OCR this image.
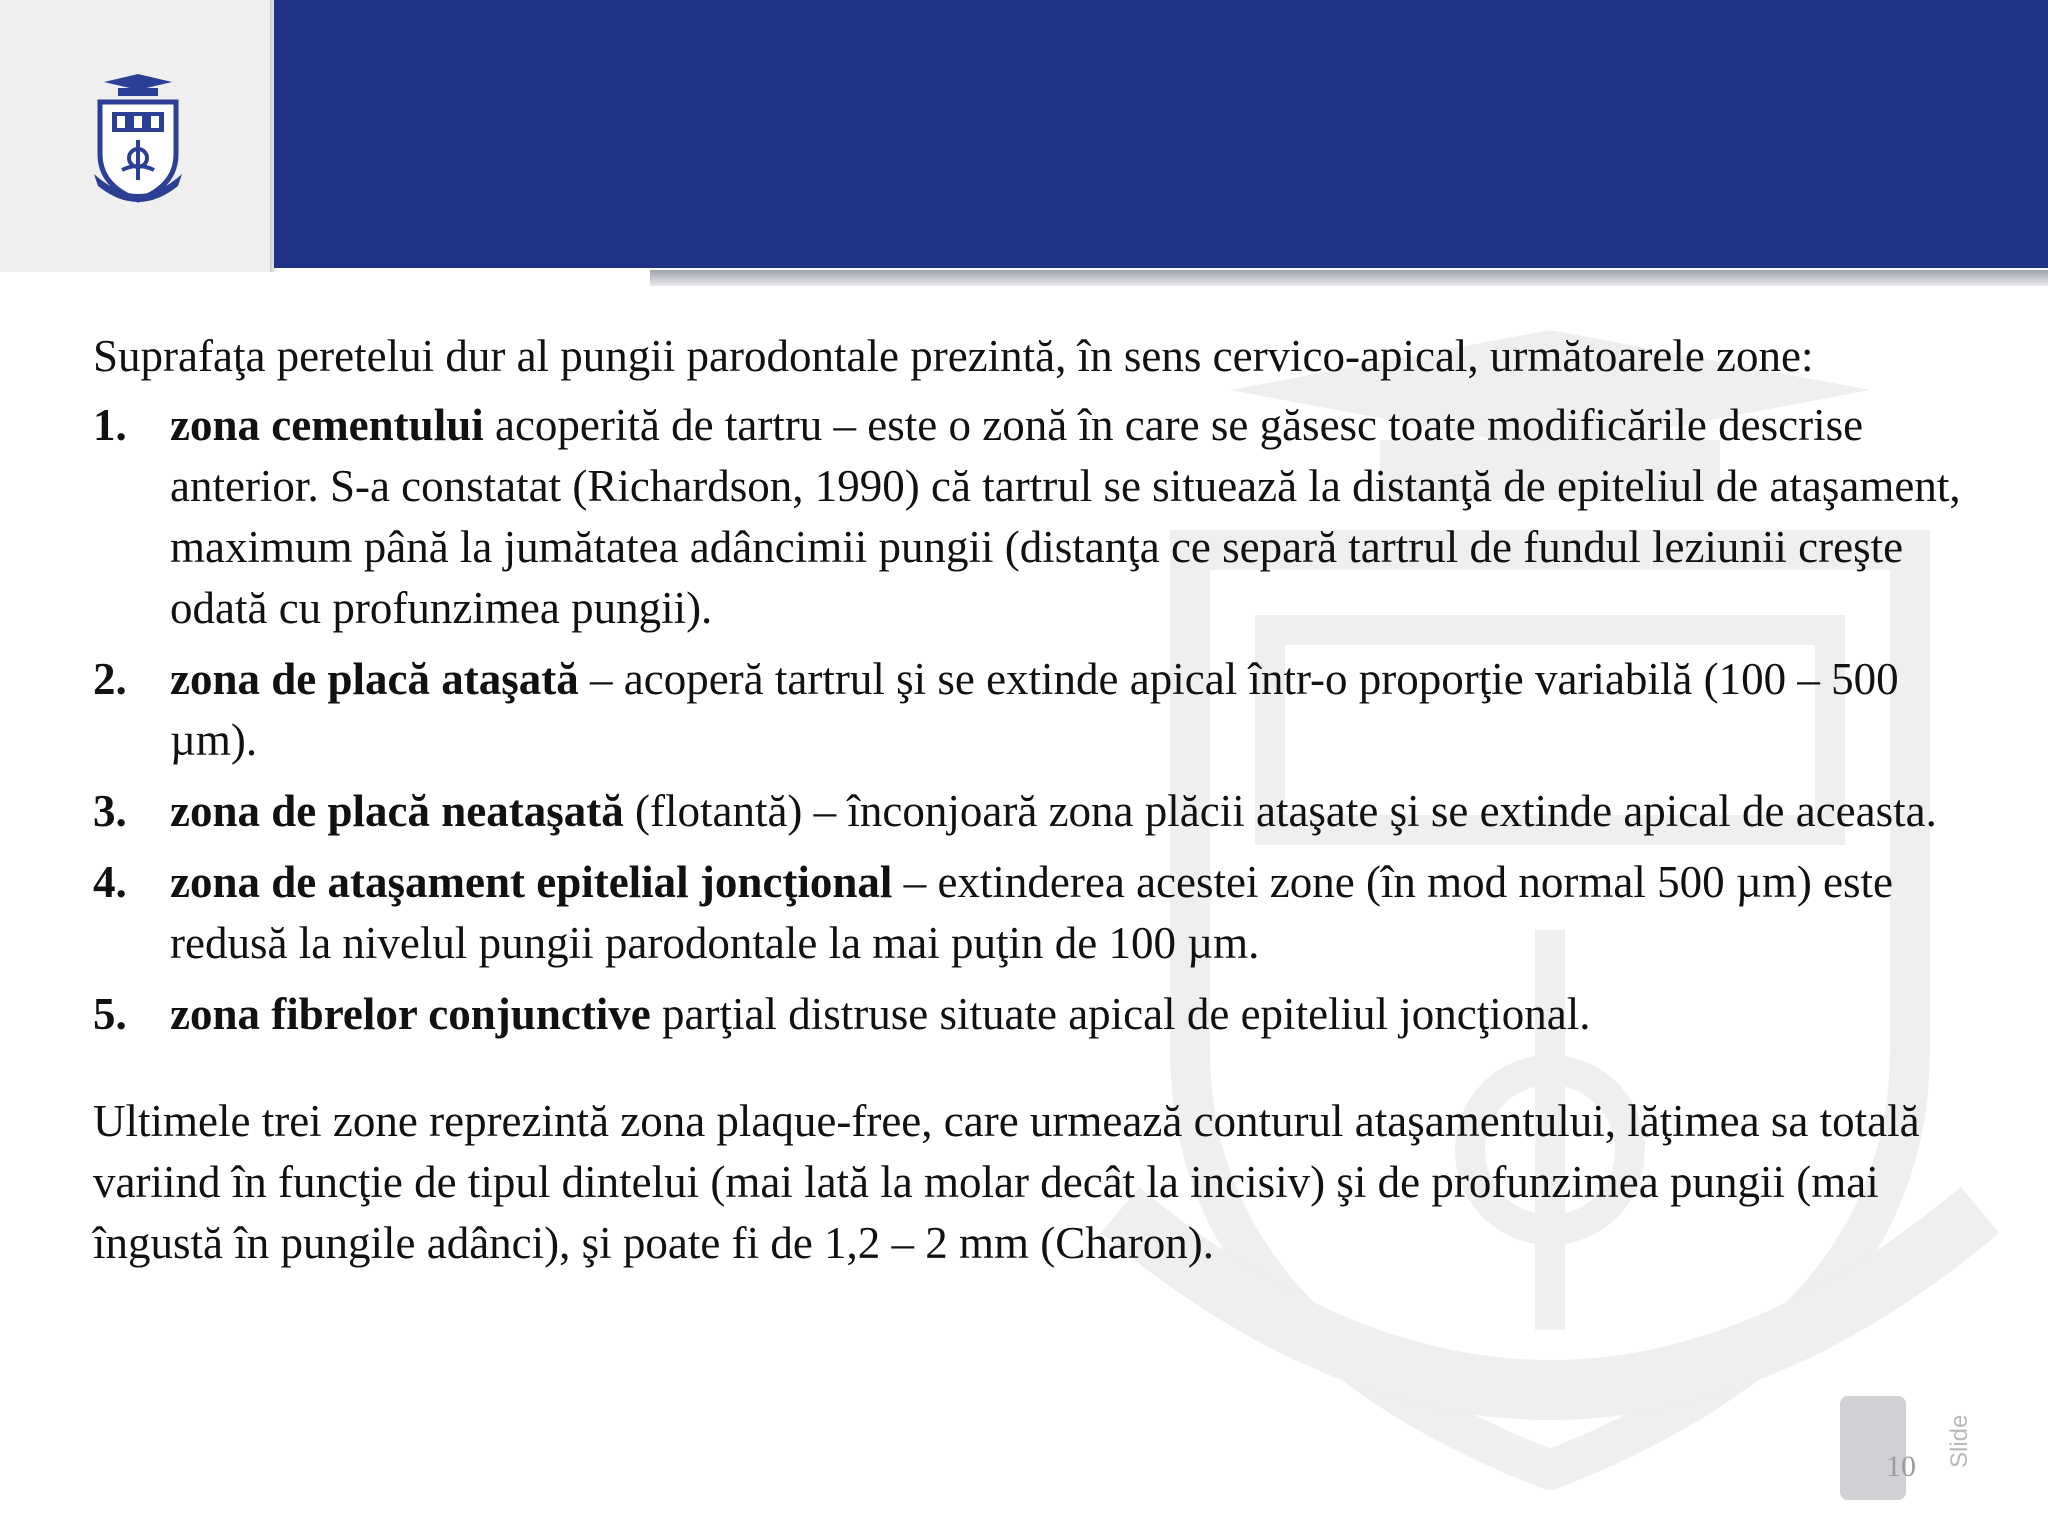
Suprafaţa peretelui dur al pungii parodontale prezintă, în sens cervico-apical, următoarele zone:

1. zona cementului acoperită de tartru – este o zonă în care se găsesc toate modificările descrise anterior. S-a constatat (Richardson, 1990) că tartrul se situează la distanţă de epiteliul de ataşament, maximum până la jumătatea adâncimii pungii (distanţa ce separă tartrul de fundul leziunii creşte odată cu profunzimea pungii).
2. zona de placă ataşată – acoperă tartrul şi se extinde apical într-o proporţie variabilă (100 – 500 µm).
3. zona de placă neataşată (flotantă) – înconjoară zona plăcii ataşate şi se extinde apical de aceasta.
4. zona de ataşament epitelial joncţional – extinderea acestei zone (în mod normal 500 µm) este redusă la nivelul pungii parodontale la mai puţin de 100 µm.
5. zona fibrelor conjunctive parţial distruse situate apical de epiteliul joncţional.

Ultimele trei zone reprezintă zona plaque-free, care urmează conturul ataşamentului, lăţimea sa totală variind în funcţie de tipul dintelui (mai lată la molar decât la incisiv) şi de profunzimea pungii (mai îngustă în pungile adânci), şi poate fi de 1,2 – 2 mm (Charon).

10	Slide
